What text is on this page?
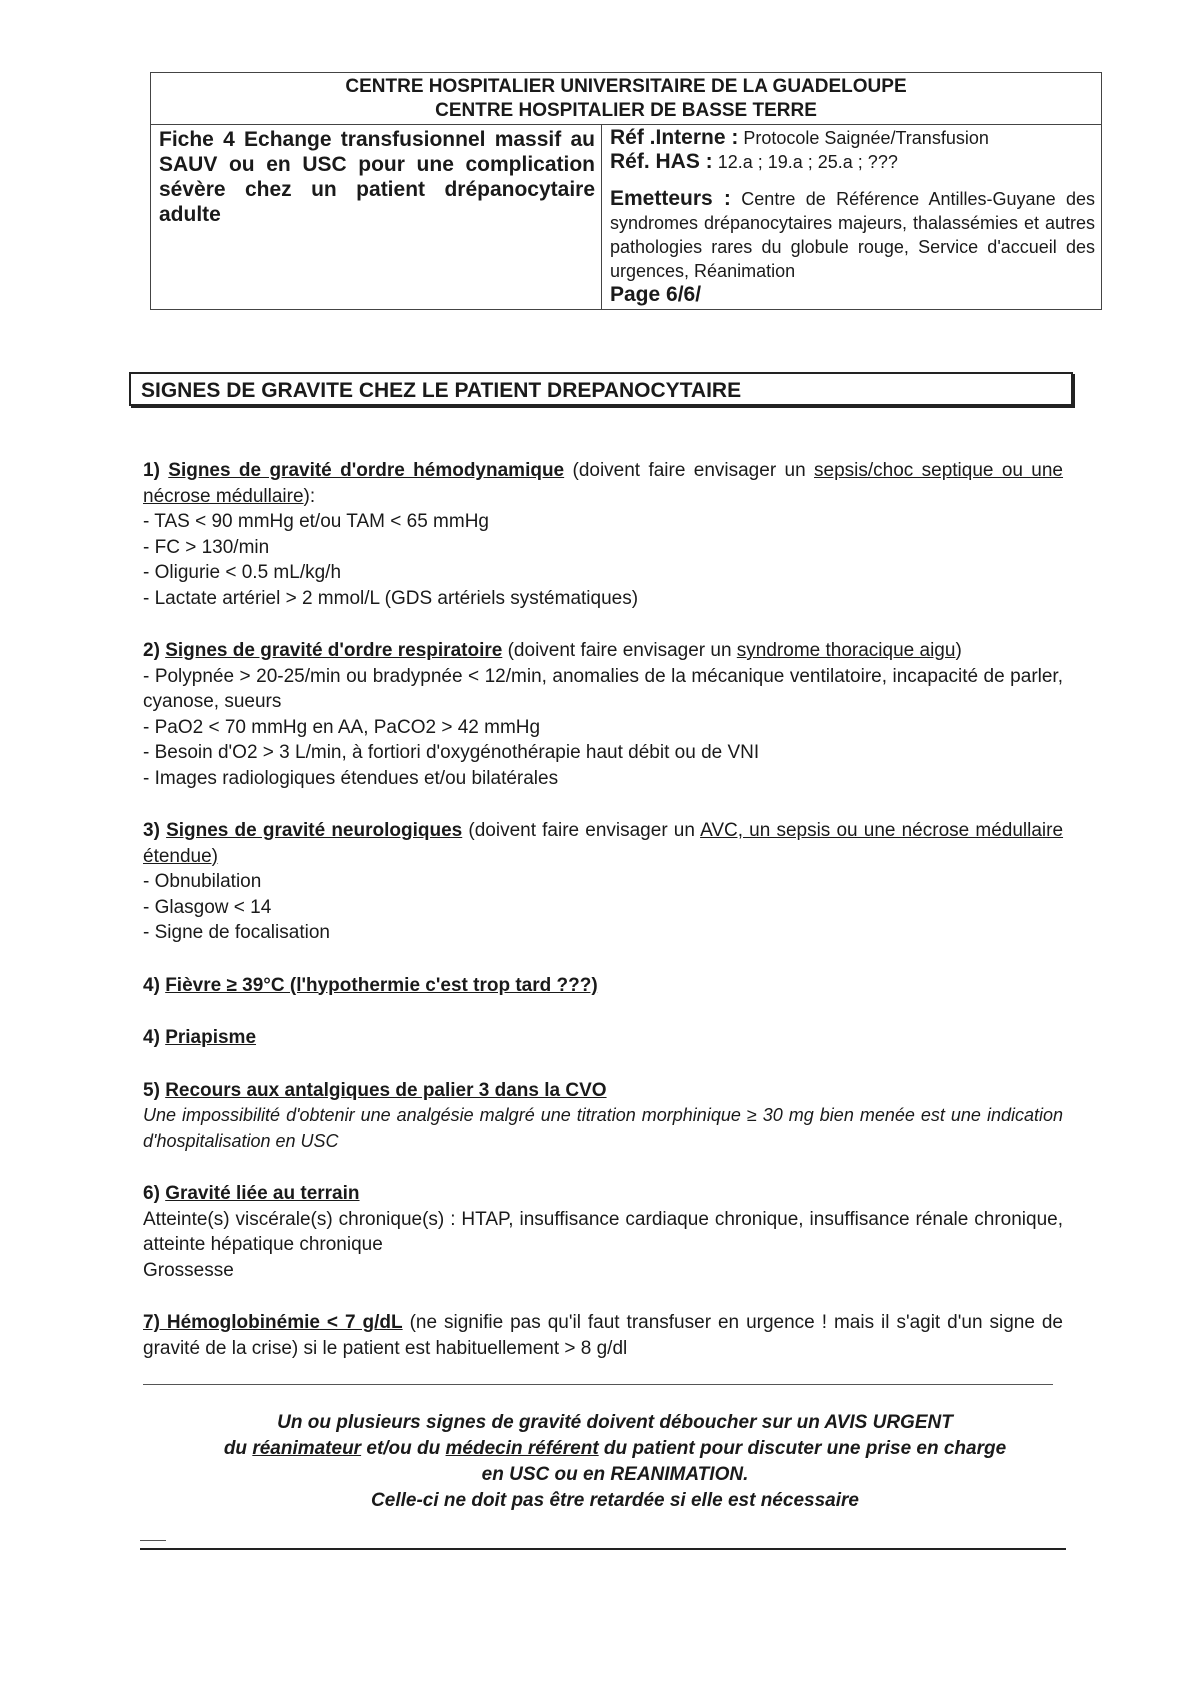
CENTRE HOSPITALIER UNIVERSITAIRE DE LA GUADELOUPE
CENTRE HOSPITALIER DE BASSE TERRE
Fiche 4 Echange transfusionnel massif au SAUV ou en USC pour une complication sévère chez un patient drépanocytaire adulte
Réf .Interne : Protocole Saignée/Transfusion
Réf. HAS : 12.a ; 19.a ; 25.a ; ???
Emetteurs : Centre de Référence Antilles-Guyane des syndromes drépanocytaires majeurs, thalassémies et autres pathologies rares du globule rouge, Service d'accueil des urgences, Réanimation
Page 6/6/
SIGNES DE GRAVITE CHEZ LE PATIENT DREPANOCYTAIRE

1) Signes de gravité d'ordre hémodynamique (doivent faire envisager un sepsis/choc septique ou une nécrose médullaire):

- TAS < 90 mmHg et/ou TAM < 65 mmHg

- FC > 130/min

- Oligurie < 0.5 mL/kg/h

- Lactate artériel > 2 mmol/L (GDS artériels systématiques)

2) Signes de gravité d'ordre respiratoire (doivent faire envisager un syndrome thoracique aigu)

- Polypnée > 20-25/min ou bradypnée < 12/min, anomalies de la mécanique ventilatoire, incapacité de parler, cyanose, sueurs

- PaO2 < 70 mmHg en AA, PaCO2 > 42 mmHg

- Besoin d'O2 > 3 L/min, à fortiori d'oxygénothérapie haut débit ou de VNI

- Images radiologiques étendues et/ou bilatérales

3) Signes de gravité neurologiques (doivent faire envisager un AVC, un sepsis ou une nécrose médullaire étendue)

- Obnubilation

- Glasgow < 14

- Signe de focalisation

4) Fièvre ≥ 39°C (l'hypothermie c'est trop tard ???)

4) Priapisme

5) Recours aux antalgiques de palier 3 dans la CVO

Une impossibilité d'obtenir une analgésie malgré une titration morphinique ≥ 30 mg bien menée est une indication d'hospitalisation en USC

6) Gravité liée au terrain

Atteinte(s) viscérale(s) chronique(s) : HTAP, insuffisance cardiaque chronique, insuffisance rénale chronique, atteinte hépatique chronique

Grossesse

7) Hémoglobinémie < 7 g/dL (ne signifie pas qu'il faut transfuser en urgence ! mais il s'agit d'un signe de gravité de la crise) si le patient est habituellement > 8 g/dl

Un ou plusieurs signes de gravité doivent déboucher sur un AVIS URGENT

du réanimateur et/ou du médecin référent du patient pour discuter une prise en charge

en USC ou en REANIMATION.

Celle-ci ne doit pas être retardée si elle est nécessaire
